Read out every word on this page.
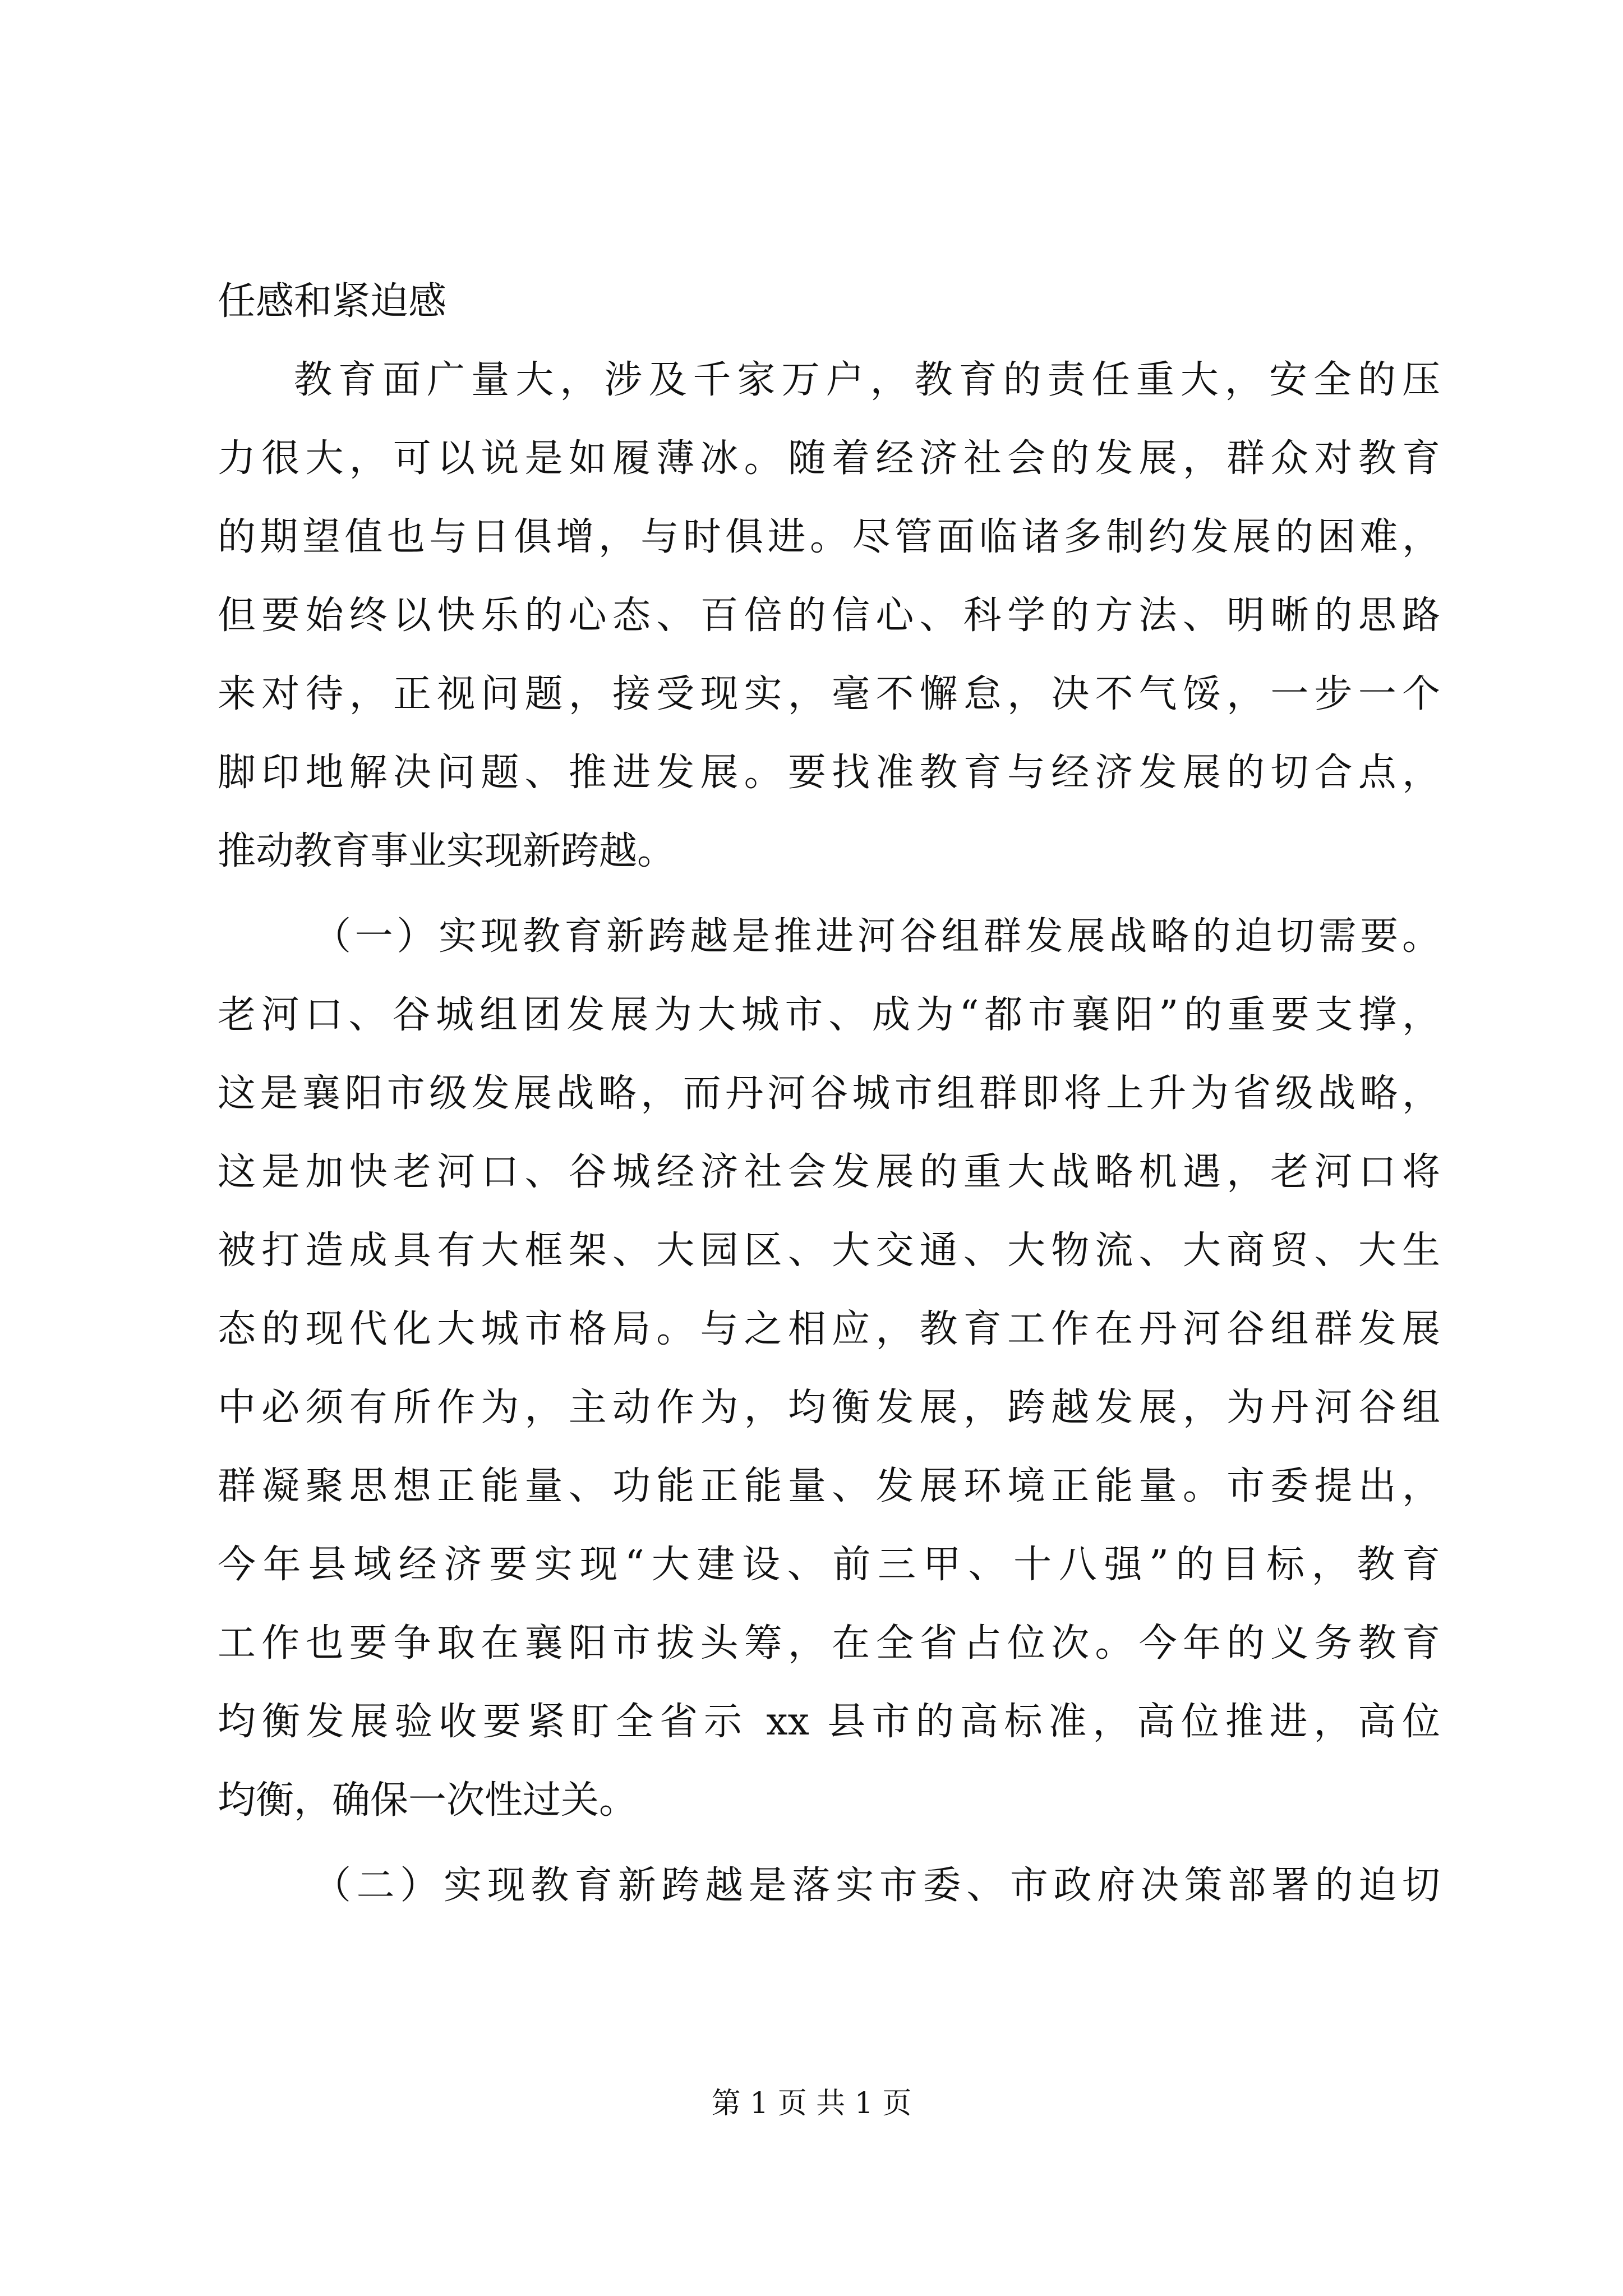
任感和紧迫感
教育面广量大，涉及千家万户，教育的责任重大，安全的压
力很大，可以说是如履薄冰。随着经济社会的发展，群众对教育
的期望值也与日俱增，与时俱进。尽管面临诸多制约发展的困难，
但要始终以快乐的心态、百倍的信心、科学的方法、明晰的思路
来对待，正视问题，接受现实，毫不懈怠，决不气馁，一步一个
脚印地解决问题、推进发展。要找准教育与经济发展的切合点，
推动教育事业实现新跨越。
（一）实现教育新跨越是推进河谷组群发展战略的迫切需要。
老河口、谷城组团发展为大城市、成为“都市襄阳”的重要支撑，
这是襄阳市级发展战略，而丹河谷城市组群即将上升为省级战略，
这是加快老河口、谷城经济社会发展的重大战略机遇，老河口将
被打造成具有大框架、大园区、大交通、大物流、大商贸、大生
态的现代化大城市格局。与之相应，教育工作在丹河谷组群发展
中必须有所作为，主动作为，均衡发展，跨越发展，为丹河谷组
群凝聚思想正能量、功能正能量、发展环境正能量。市委提出，
今年县域经济要实现“大建设、前三甲、十八强”的目标，教育
工作也要争取在襄阳市拔头筹，在全省占位次。今年的义务教育
均衡发展验收要紧盯全省示 xx 县市的高标准，高位推进，高位
均衡，确保一次性过关。
（二）实现教育新跨越是落实市委、市政府决策部署的迫切
第 1 页 共 1 页
